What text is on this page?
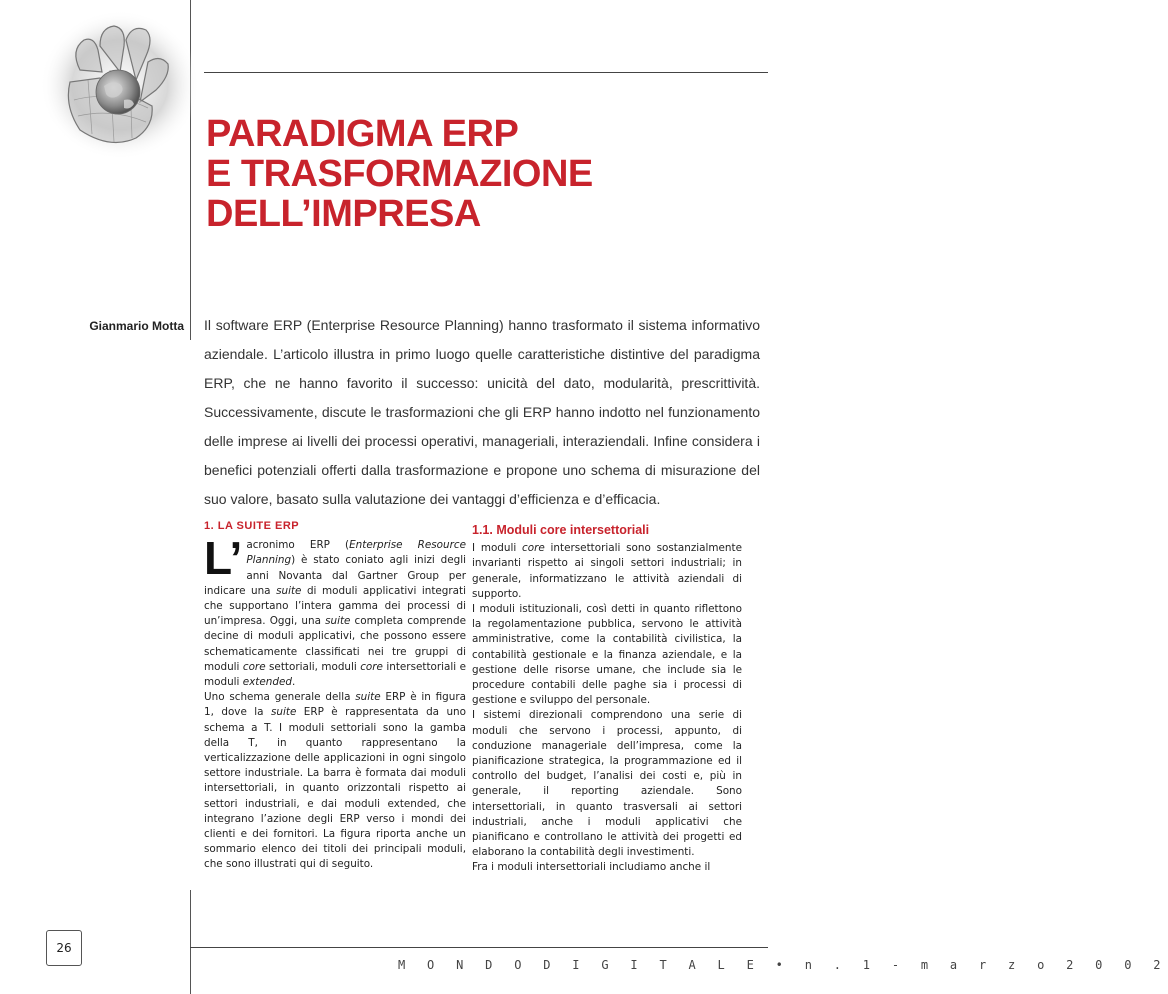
PARADIGMA ERP
E TRASFORMAZIONE
DELL’IMPRESA
Gianmario Motta Il software ERP (Enterprise Resource Planning) hanno trasformato il sistema informativo aziendale. L’articolo illustra in primo luogo quelle caratteristiche distintive del paradigma ERP, che ne hanno favorito il successo: unicità del dato, modularità, prescrittività. Successivamente, discute le trasformazioni che gli ERP hanno indotto nel funzionamento delle imprese ai livelli dei processi operativi, manageriali, interaziendali. Infine considera i benefici potenziali offerti dalla trasformazione e propone uno schema di misurazione del suo valore, basato sulla valutazione dei vantaggi d’efficienza e d’efficacia.

1. LA SUITE ERP

L’ acronimo ERP (Enterprise Resource Planning) è stato coniato agli inizi degli anni Novanta dal Gartner Group per indicare una suite di moduli applicativi integrati che supportano l’intera gamma dei processi di un’impresa. Oggi, una suite completa comprende decine di moduli applicativi, che possono essere schematicamente classificati nei tre gruppi di moduli core settoriali, moduli core intersettoriali e moduli extended.

Uno schema generale della suite ERP è in figura 1, dove la suite ERP è rappresentata da uno schema a T. I moduli settoriali sono la gamba della T, in quanto rappresentano la verticalizzazione delle applicazioni in ogni singolo settore industriale. La barra è formata dai moduli intersettoriali, in quanto orizzontali rispetto ai settori industriali, e dai moduli extended, che integrano l’azione degli ERP verso i mondi dei clienti e dei fornitori. La figura riporta anche un sommario elenco dei titoli dei principali moduli, che sono illustrati qui di seguito.

1.1. Moduli core intersettoriali

I moduli core intersettoriali sono sostanzialmente invarianti rispetto ai singoli settori industriali; in generale, informatizzano le attività aziendali di supporto.

I moduli istituzionali, così detti in quanto riflettono la regolamentazione pubblica, servono le attività amministrative, come la contabilità civilistica, la contabilità gestionale e la finanza aziendale, e la gestione delle risorse umane, che include sia le procedure contabili delle paghe sia i processi di gestione e sviluppo del personale.

I sistemi direzionali comprendono una serie di moduli che servono i processi, appunto, di conduzione manageriale dell’impresa, come la pianificazione strategica, la programmazione ed il controllo del budget, l’analisi dei costi e, più in generale, il reporting aziendale. Sono intersettoriali, in quanto trasversali ai settori industriali, anche i moduli applicativi che pianificano e controllano le attività dei progetti ed elaborano la contabilità degli investimenti.

Fra i moduli intersettoriali includiamo anche il

26
M O N D O D I G I T A L E • n . 1 - m a r z o 2 0 0 2
